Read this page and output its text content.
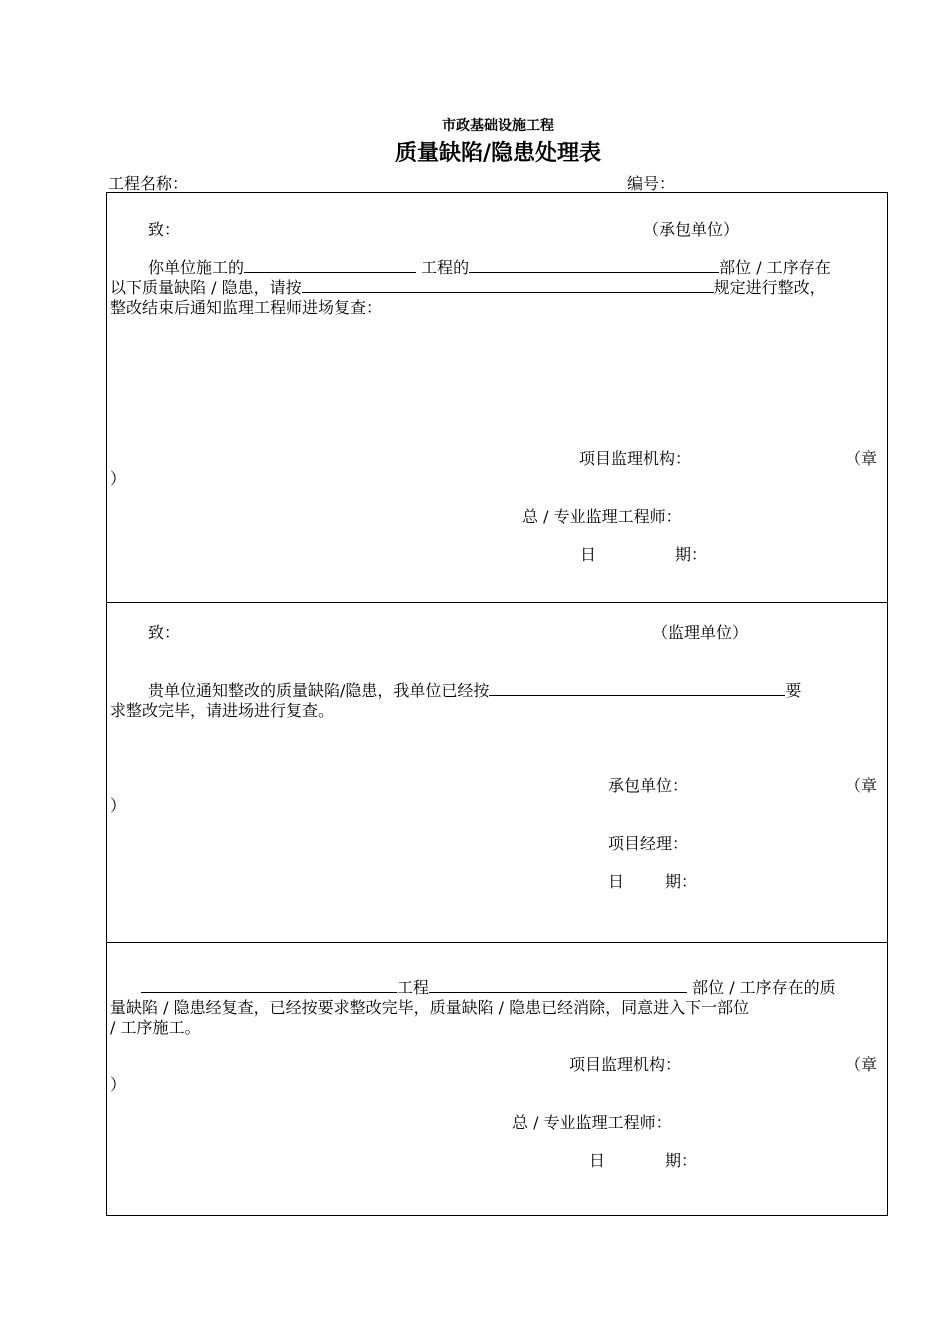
市政基础设施工程
质量缺陷/隐患处理表
工程名称：	编号：
致：	（承包单位）
你单位施工的	工程的	部位 / 工序存在
以下质量缺陷 / 隐患，请按	规定进行整改，
整改结束后通知监理工程师进场复查：
项目监理机构：	（章
）
总 / 专业监理工程师：
日	期：
致：	（监理单位）
贵单位通知整改的质量缺陷/隐患，我单位已经按	要
求整改完毕，请进场进行复查。
承包单位：	（章
）
项目经理：
日	期：
工程	部位 / 工序存在的质
量缺陷 / 隐患经复查，已经按要求整改完毕，质量缺陷 / 隐患已经消除，同意进入下一部位
/ 工序施工。
项目监理机构：	（章
）
总 / 专业监理工程师：
日	期：
